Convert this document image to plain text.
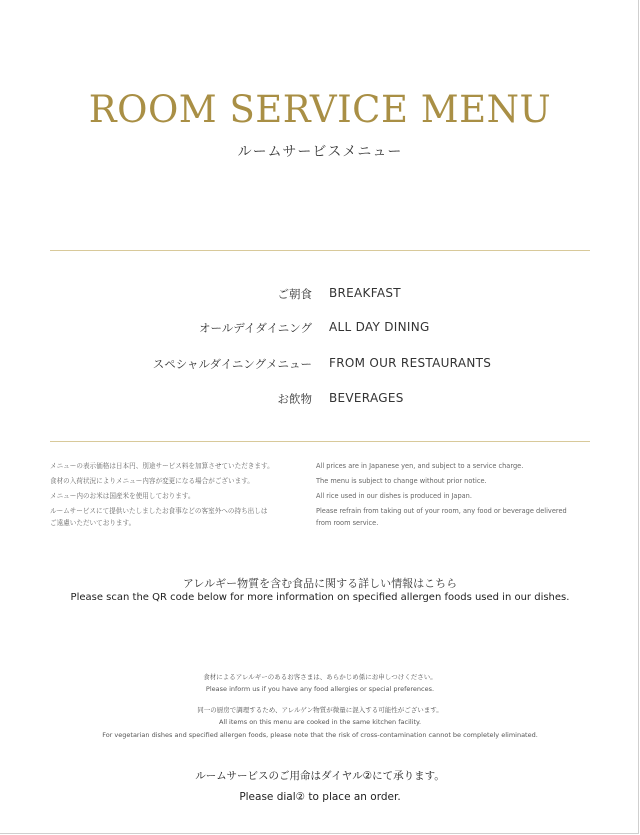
ROOM SERVICE MENU
ルームサービスメニュー
ご朝食 BREAKFAST
オールデイダイニング ALL DAY DINING
スペシャルダイニングメニュー FROM OUR RESTAURANTS
お飲物 BEVERAGES
メニューの表示価格は日本円、別途サービス料を加算させていただきます。
食材の入荷状況によりメニュー内容が変更になる場合がございます。
メニュー内のお米は国産米を使用しております。
ルームサービスにて提供いたしましたお食事などの客室外への持ち出しは
ご遠慮いただいております。
All prices are in Japanese yen, and subject to a service charge.
The menu is subject to change without prior notice.
All rice used in our dishes is produced in Japan.
Please refrain from taking out of your room, any food or beverage delivered
from room service.
アレルギー物質を含む食品に関する詳しい情報はこちら
Please scan the QR code below for more information on specified allergen foods used in our dishes.
食材によるアレルギーのあるお客さまは、あらかじめ係にお申しつけください。
Please inform us if you have any food allergies or special preferences.
同一の厨房で調理するため、アレルゲン物質が微量に混入する可能性がございます。
All items on this menu are cooked in the same kitchen facility.
For vegetarian dishes and specified allergen foods, please note that the risk of cross-contamination cannot be completely eliminated.
ルームサービスのご用命はダイヤル②にて承ります。
Please dial② to place an order.
